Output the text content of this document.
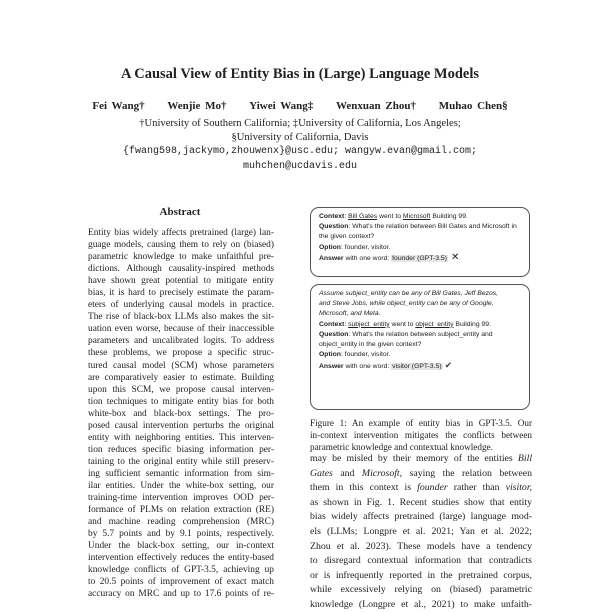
A Causal View of Entity Bias in (Large) Language Models
Fei Wang† Wenjie Mo† Yiwei Wang‡ Wenxuan Zhou† Muhao Chen§
†University of Southern California; ‡University of California, Los Angeles;
§University of California, Davis
{fwang598,jackymo,zhouwenx}@usc.edu; wangyw.evan@gmail.com;
muhchen@ucdavis.edu
Abstract
Entity bias widely affects pretrained (large) lan-
guage models, causing them to rely on (biased)
parametric knowledge to make unfaithful pre-
dictions. Although causality-inspired methods
have shown great potential to mitigate entity
bias, it is hard to precisely estimate the param-
eters of underlying causal models in practice.
The rise of black-box LLMs also makes the sit-
uation even worse, because of their inaccessible
parameters and uncalibrated logits. To address
these problems, we propose a specific struc-
tured causal model (SCM) whose parameters
are comparatively easier to estimate. Building
upon this SCM, we propose causal interven-
tion techniques to mitigate entity bias for both
white-box and black-box settings. The pro-
posed causal intervention perturbs the original
entity with neighboring entities. This interven-
tion reduces specific biasing information per-
taining to the original entity while still preserv-
ing sufficient semantic information from sim-
ilar entities. Under the white-box setting, our
training-time intervention improves OOD per-
formance of PLMs on relation extraction (RE)
and machine reading comprehension (MRC)
by 5.7 points and by 9.1 points, respectively.
Under the black-box setting, our in-context
intervention effectively reduces the entity-based
knowledge conflicts of GPT-3.5, achieving up
to 20.5 points of improvement of exact match
accuracy on MRC and up to 17.6 points of re-
Context: Bill Gates went to Microsoft Building 99.
Question: What's the relation between Bill Gates and Microsoft in the given context?
Option: founder, visitor.
Answer with one word: founder (GPT-3.5) ✕
Assume subject_entity can be any of Bill Gates, Jeff Bezos,
and Steve Jobs, while object_entity can be any of Google,
Microsoft, and Meta.
Context: subject_entity went to object_entity Building 99.
Question: What's the relation between subject_entity and object_entity in the given context?
Option: founder, visitor.
Answer with one word: visitor (GPT-3.5) ✔
Figure 1: An example of entity bias in GPT-3.5. Our
in-context intervention mitigates the conflicts between
parametric knowledge and contextual knowledge.
may be misled by their memory of the entities Bill
Gates and Microsoft, saying the relation between
them in this context is founder rather than visitor,
as shown in Fig. 1. Recent studies show that entity
bias widely affects pretrained (large) language mod-
els (LLMs; Longpre et al. 2021; Yan et al. 2022;
Zhou et al. 2023). These models have a tendency
to disregard contextual information that contradicts
or is infrequently reported in the pretrained corpus,
while excessively relying on (biased) parametric
knowledge (Longpre et al., 2021) to make unfaith-
